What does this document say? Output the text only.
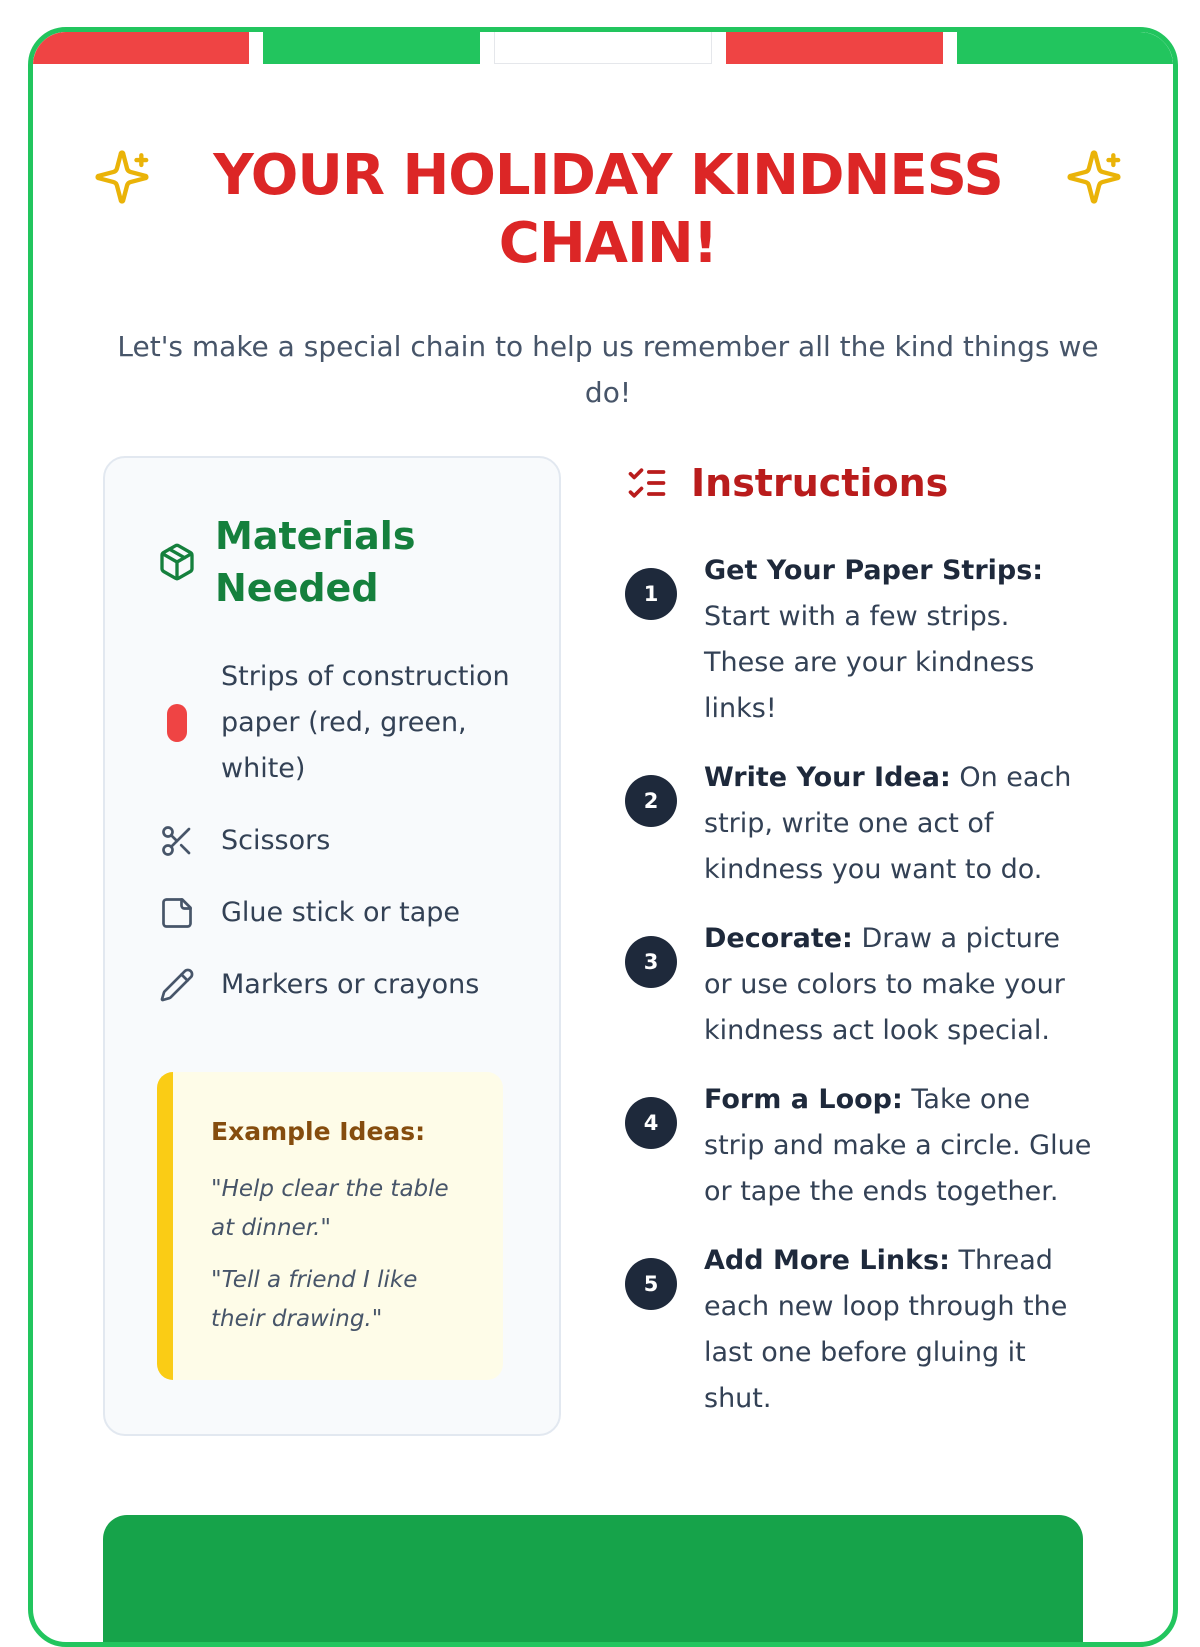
YOUR HOLIDAY KINDNESS CHAIN!

Let's make a special chain to help us remember all the kind things we do!

Materials Needed
Strips of construction paper (red, green, white)
Scissors
Glue stick or tape
Markers or crayons
Example Ideas:

"Help clear the table at dinner."

"Tell a friend I like their drawing."

Instructions
1

Get Your Paper Strips: Start with a few strips. These are your kindness links!

2

Write Your Idea: On each strip, write one act of kindness you want to do.

3

Decorate: Draw a picture or use colors to make your kindness act look special.

4

Form a Loop: Take one strip and make a circle. Glue or tape the ends together.

5

Add More Links: Thread each new loop through the last one before gluing it shut.
